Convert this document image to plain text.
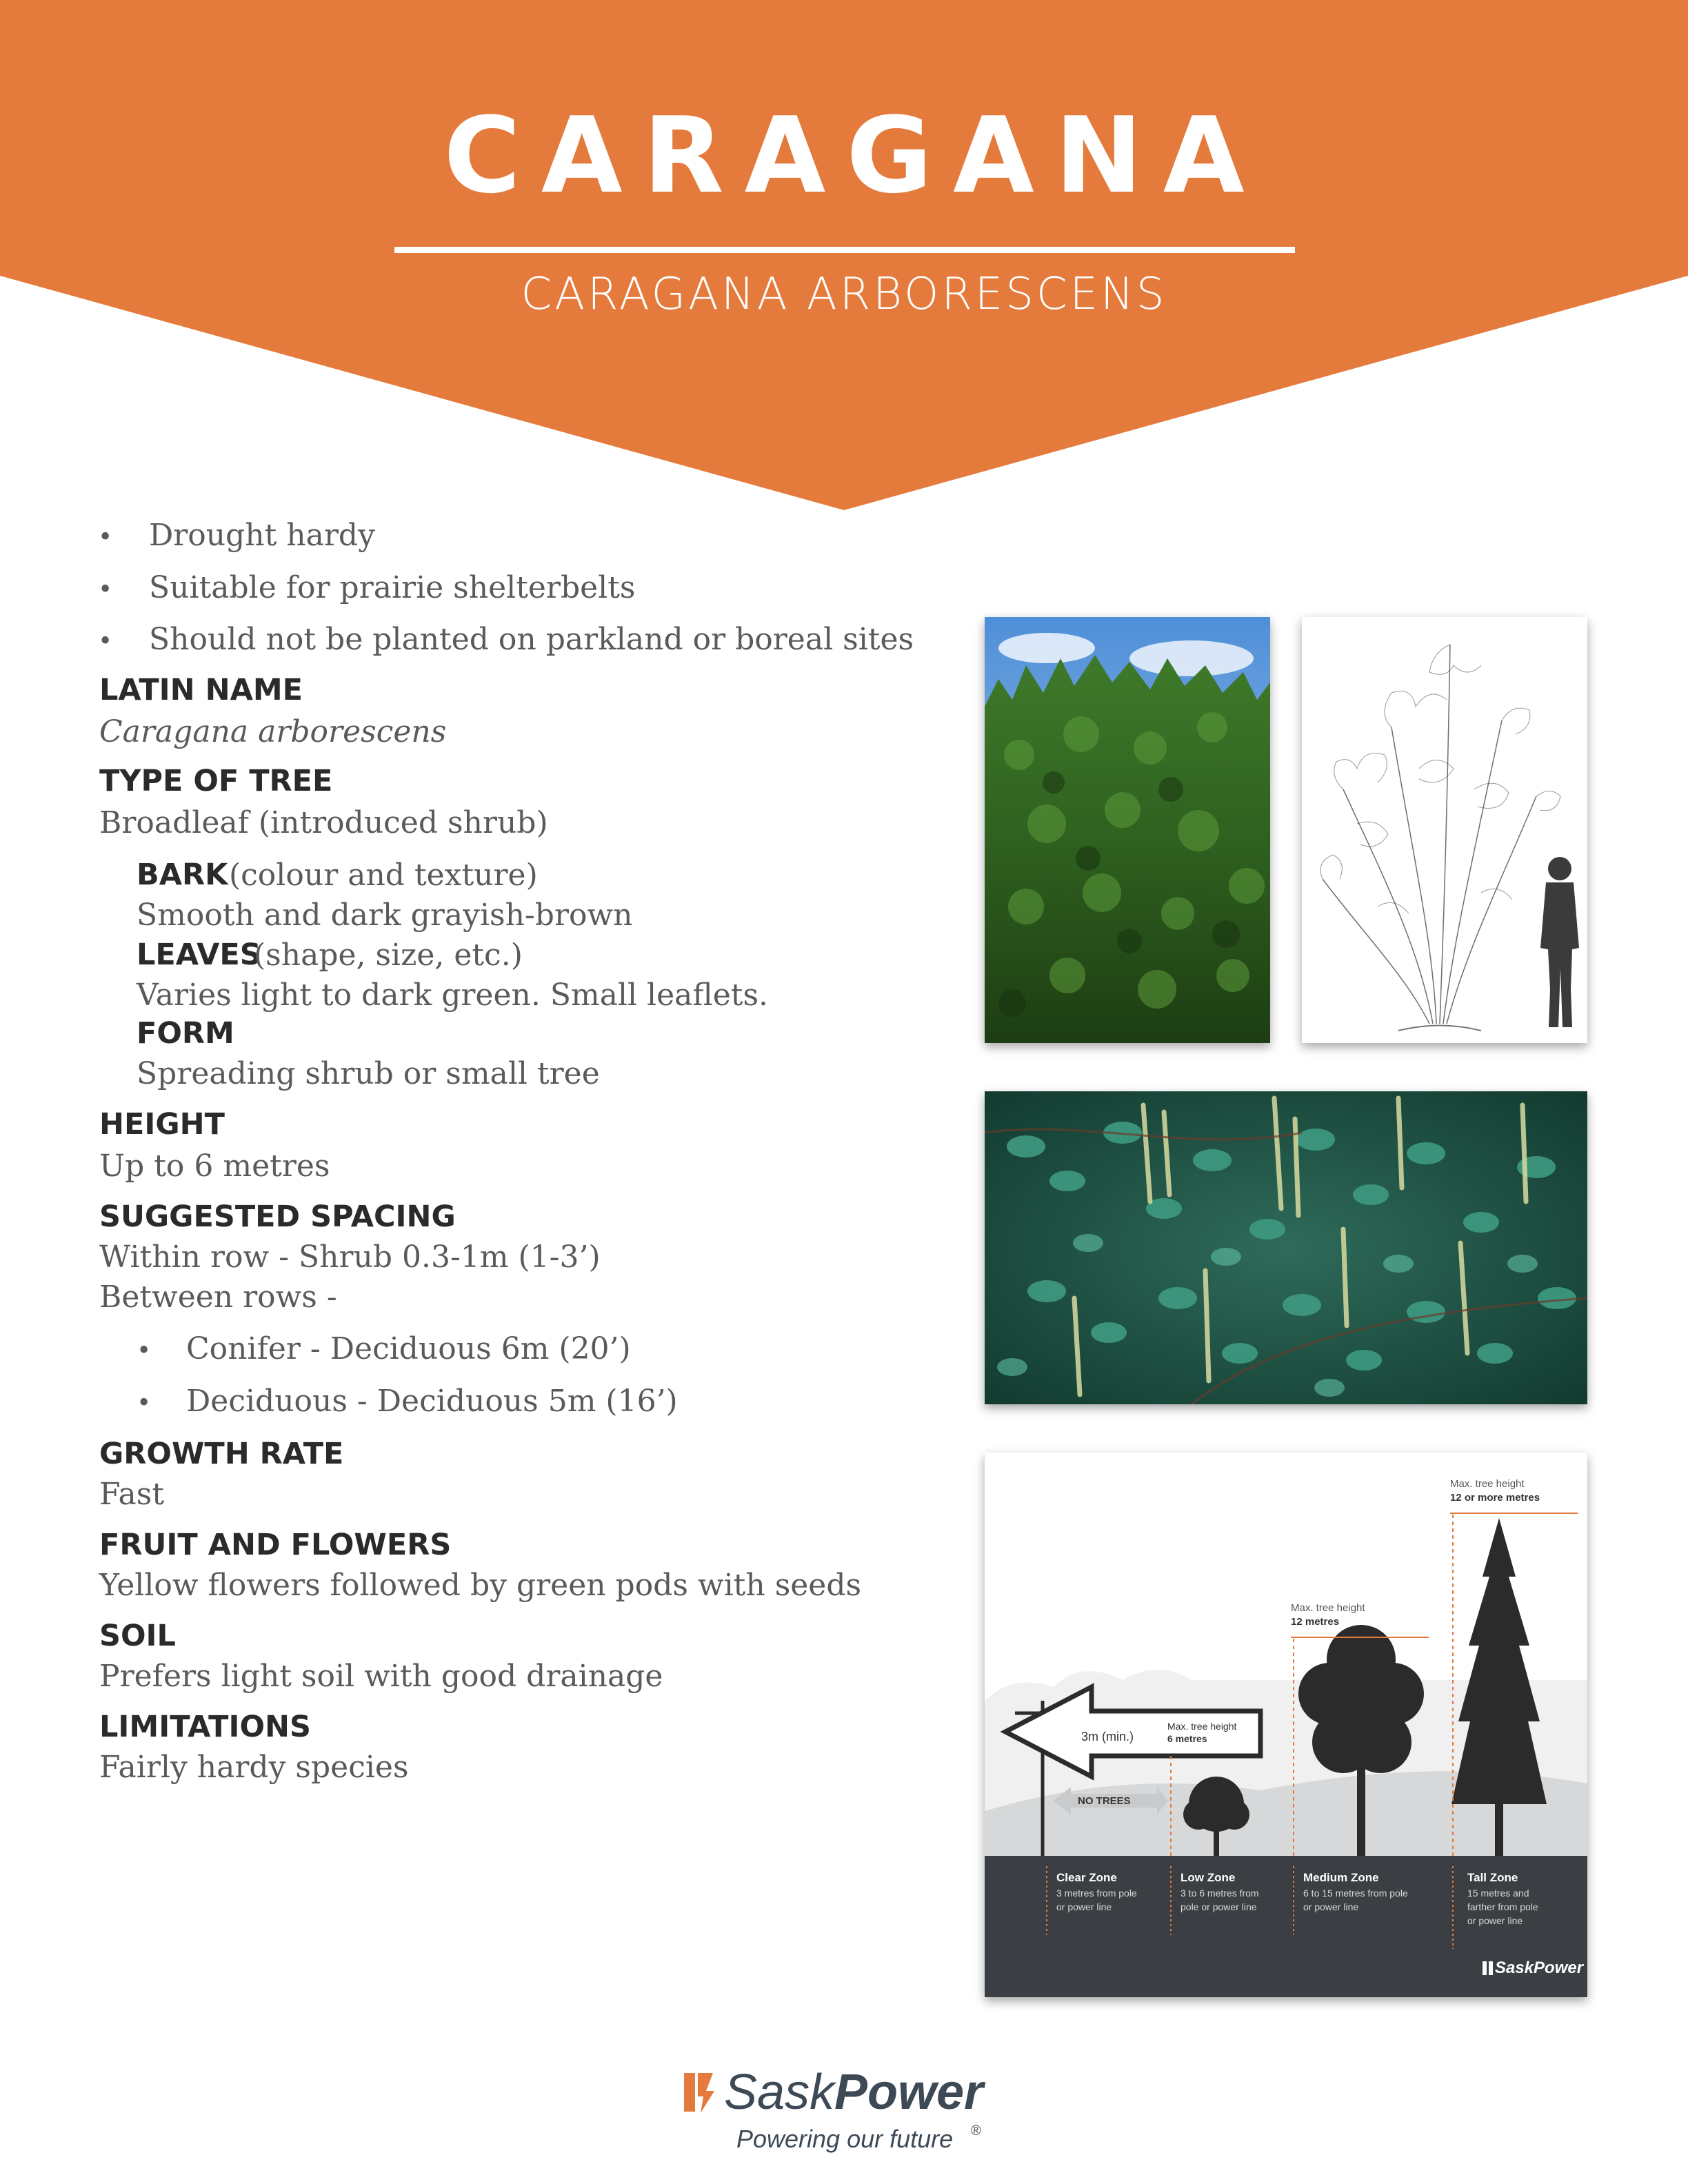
CARAGANA
CARAGANA ARBORESCENS
• Drought hardy
• Suitable for prairie shelterbelts
• Should not be planted on parkland or boreal sites
LATIN NAME
Caragana arborescens
TYPE OF TREE
Broadleaf (introduced shrub)
BARK (colour and texture)
Smooth and dark grayish-brown
LEAVES
(shape, size, etc.)
Varies light to dark green. Small leaflets.
FORM
Spreading shrub or small tree
HEIGHT
Up to 6 metres
SUGGESTED SPACING
Within row - Shrub 0.3-1m (1-3’)
Between rows -
• Conifer - Deciduous 6m (20’)
• Deciduous - Deciduous 5m (16’)
GROWTH RATE
Fast
FRUIT AND FLOWERS
Yellow flowers followed by green pods with seeds
SOIL
Prefers light soil with good drainage
LIMITATIONS
Fairly hardy species
3m (min.)
Max. tree height
6 metres
NO TREES
Max. tree height
12 metres
Max. tree height
12 or more metres
Clear Zone
3 metres from pole
or power line
Low Zone
3 to 6 metres from
pole or power line
Medium Zone
6 to 15 metres from pole
or power line
Tall Zone
15 metres and
farther from pole
or power line
SaskPower
Sask Power
Powering our future ®
